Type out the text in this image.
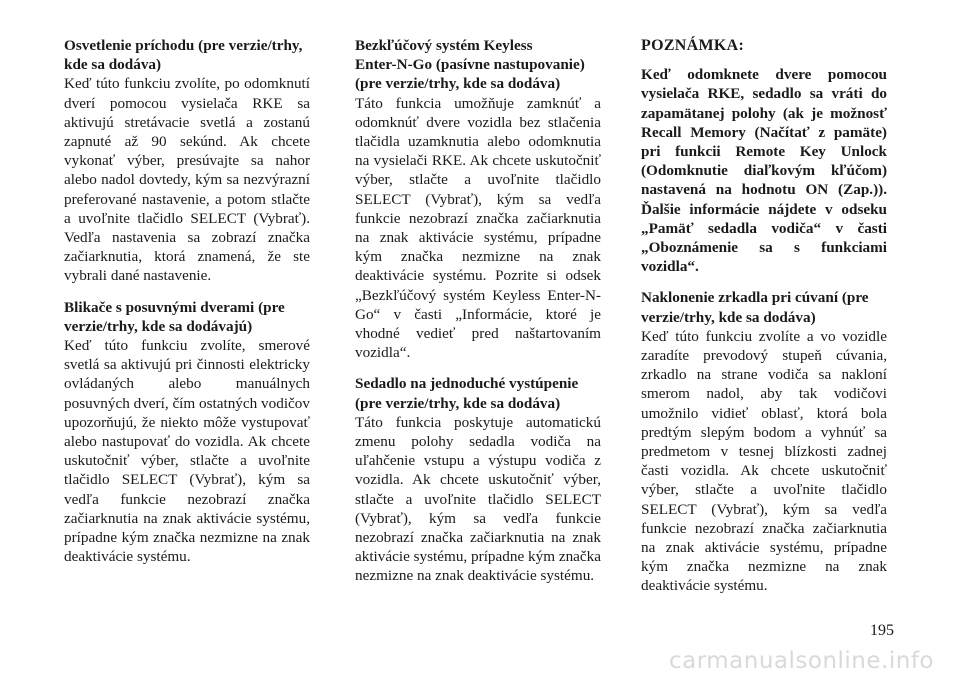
Osvetlenie príchodu (pre verzie/trhy,
kde sa dodáva)

Keď túto funkciu zvolíte, po odomknutí dverí pomocou vysielača RKE sa aktivujú stretávacie svetlá a zostanú zapnuté až 90 sekúnd. Ak chcete vykonať výber, presúvajte sa nahor alebo nadol dovtedy, kým sa nezvýrazní preferované nastavenie, a potom stlačte a uvoľnite tlačidlo SELECT (Vybrať). Vedľa nastavenia sa zobrazí značka začiarknutia, ktorá znamená, že ste vybrali dané nastavenie.

Blikače s posuvnými dverami (pre
verzie/trhy, kde sa dodávajú)

Keď túto funkciu zvolíte, smerové svetlá sa aktivujú pri činnosti elektricky ovládaných alebo manuálnych posuvných dverí, čím ostatných vodičov upozorňujú, že niekto môže vystupovať alebo nastupovať do vozidla. Ak chcete uskutočniť výber, stlačte a uvoľnite tlačidlo SELECT (Vybrať), kým sa vedľa funkcie nezobrazí značka začiarknutia na znak aktivácie systému, prípadne kým značka nezmizne na znak deaktivácie systému.

Bezkľúčový systém Keyless
Enter-N-Go (pasívne nastupovanie)
(pre verzie/trhy, kde sa dodáva)

Táto funkcia umožňuje zamknúť a odomknúť dvere vozidla bez stlačenia tlačidla uzamknutia alebo odomknutia na vysielači RKE. Ak chcete uskutočniť výber, stlačte a uvoľnite tlačidlo SELECT (Vybrať), kým sa vedľa funkcie nezobrazí značka začiarknutia na znak aktivácie systému, prípadne kým značka nezmizne na znak deaktivácie systému. Pozrite si odsek „Bezkľúčový systém Keyless Enter-N-Go“ v časti „Informácie, ktoré je vhodné vedieť pred naštartovaním vozidla“.

Sedadlo na jednoduché vystúpenie
(pre verzie/trhy, kde sa dodáva)

Táto funkcia poskytuje automatickú zmenu polohy sedadla vodiča na uľahčenie vstupu a výstupu vodiča z vozidla. Ak chcete uskutočniť výber, stlačte a uvoľnite tlačidlo SELECT (Vybrať), kým sa vedľa funkcie nezobrazí značka začiarknutia na znak aktivácie systému, prípadne kým značka nezmizne na znak deaktivácie systému.

POZNÁMKA:

Keď odomknete dvere pomocou vysielača RKE, sedadlo sa vráti do zapamätanej polohy (ak je možnosť Recall Memory (Načítať z pamäte) pri funkcii Remote Key Unlock (Odomknutie diaľkovým kľúčom) nastavená na hodnotu ON (Zap.)). Ďalšie informácie nájdete v odseku „Pamäť sedadla vodiča“ v časti „Oboznámenie sa s funkciami vozidla“.

Naklonenie zrkadla pri cúvaní (pre
verzie/trhy, kde sa dodáva)

Keď túto funkciu zvolíte a vo vozidle zaradíte prevodový stupeň cúvania, zrkadlo na strane vodiča sa nakloní smerom nadol, aby tak vodičovi umožnilo vidieť oblasť, ktorá bola predtým slepým bodom a vyhnúť sa predmetom v tesnej blízkosti zadnej časti vozidla. Ak chcete uskutočniť výber, stlačte a uvoľnite tlačidlo SELECT (Vybrať), kým sa vedľa funkcie nezobrazí značka začiarknutia na znak aktivácie systému, prípadne kým značka nezmizne na znak deaktivácie systému.

195
carmanualsonline.info
